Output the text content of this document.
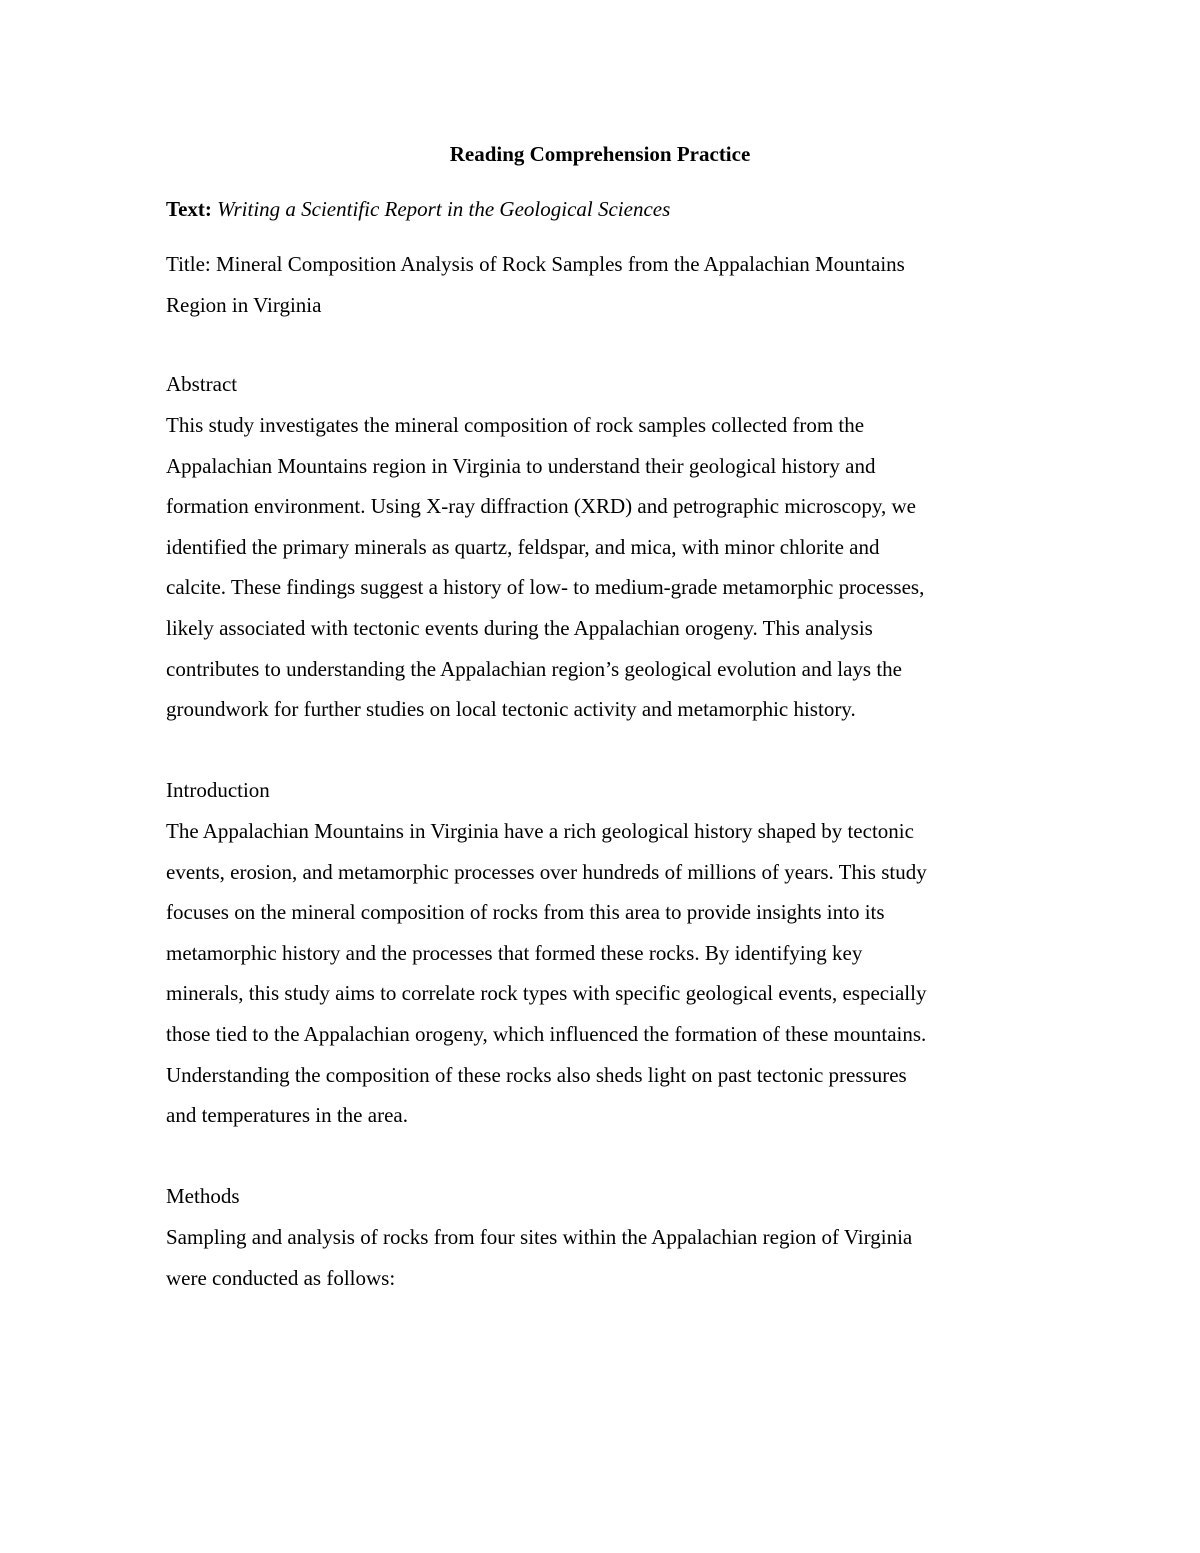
Reading Comprehension Practice

Text: Writing a Scientific Report in the Geological Sciences

Title: Mineral Composition Analysis of Rock Samples from the Appalachian Mountains
Region in Virginia
Abstract
This study investigates the mineral composition of rock samples collected from the
Appalachian Mountains region in Virginia to understand their geological history and
formation environment. Using X-ray diffraction (XRD) and petrographic microscopy, we
identified the primary minerals as quartz, feldspar, and mica, with minor chlorite and
calcite. These findings suggest a history of low- to medium-grade metamorphic processes,
likely associated with tectonic events during the Appalachian orogeny. This analysis
contributes to understanding the Appalachian region’s geological evolution and lays the
groundwork for further studies on local tectonic activity and metamorphic history.
Introduction
The Appalachian Mountains in Virginia have a rich geological history shaped by tectonic
events, erosion, and metamorphic processes over hundreds of millions of years. This study
focuses on the mineral composition of rocks from this area to provide insights into its
metamorphic history and the processes that formed these rocks. By identifying key
minerals, this study aims to correlate rock types with specific geological events, especially
those tied to the Appalachian orogeny, which influenced the formation of these mountains.
Understanding the composition of these rocks also sheds light on past tectonic pressures
and temperatures in the area.
Methods
Sampling and analysis of rocks from four sites within the Appalachian region of Virginia
were conducted as follows:
